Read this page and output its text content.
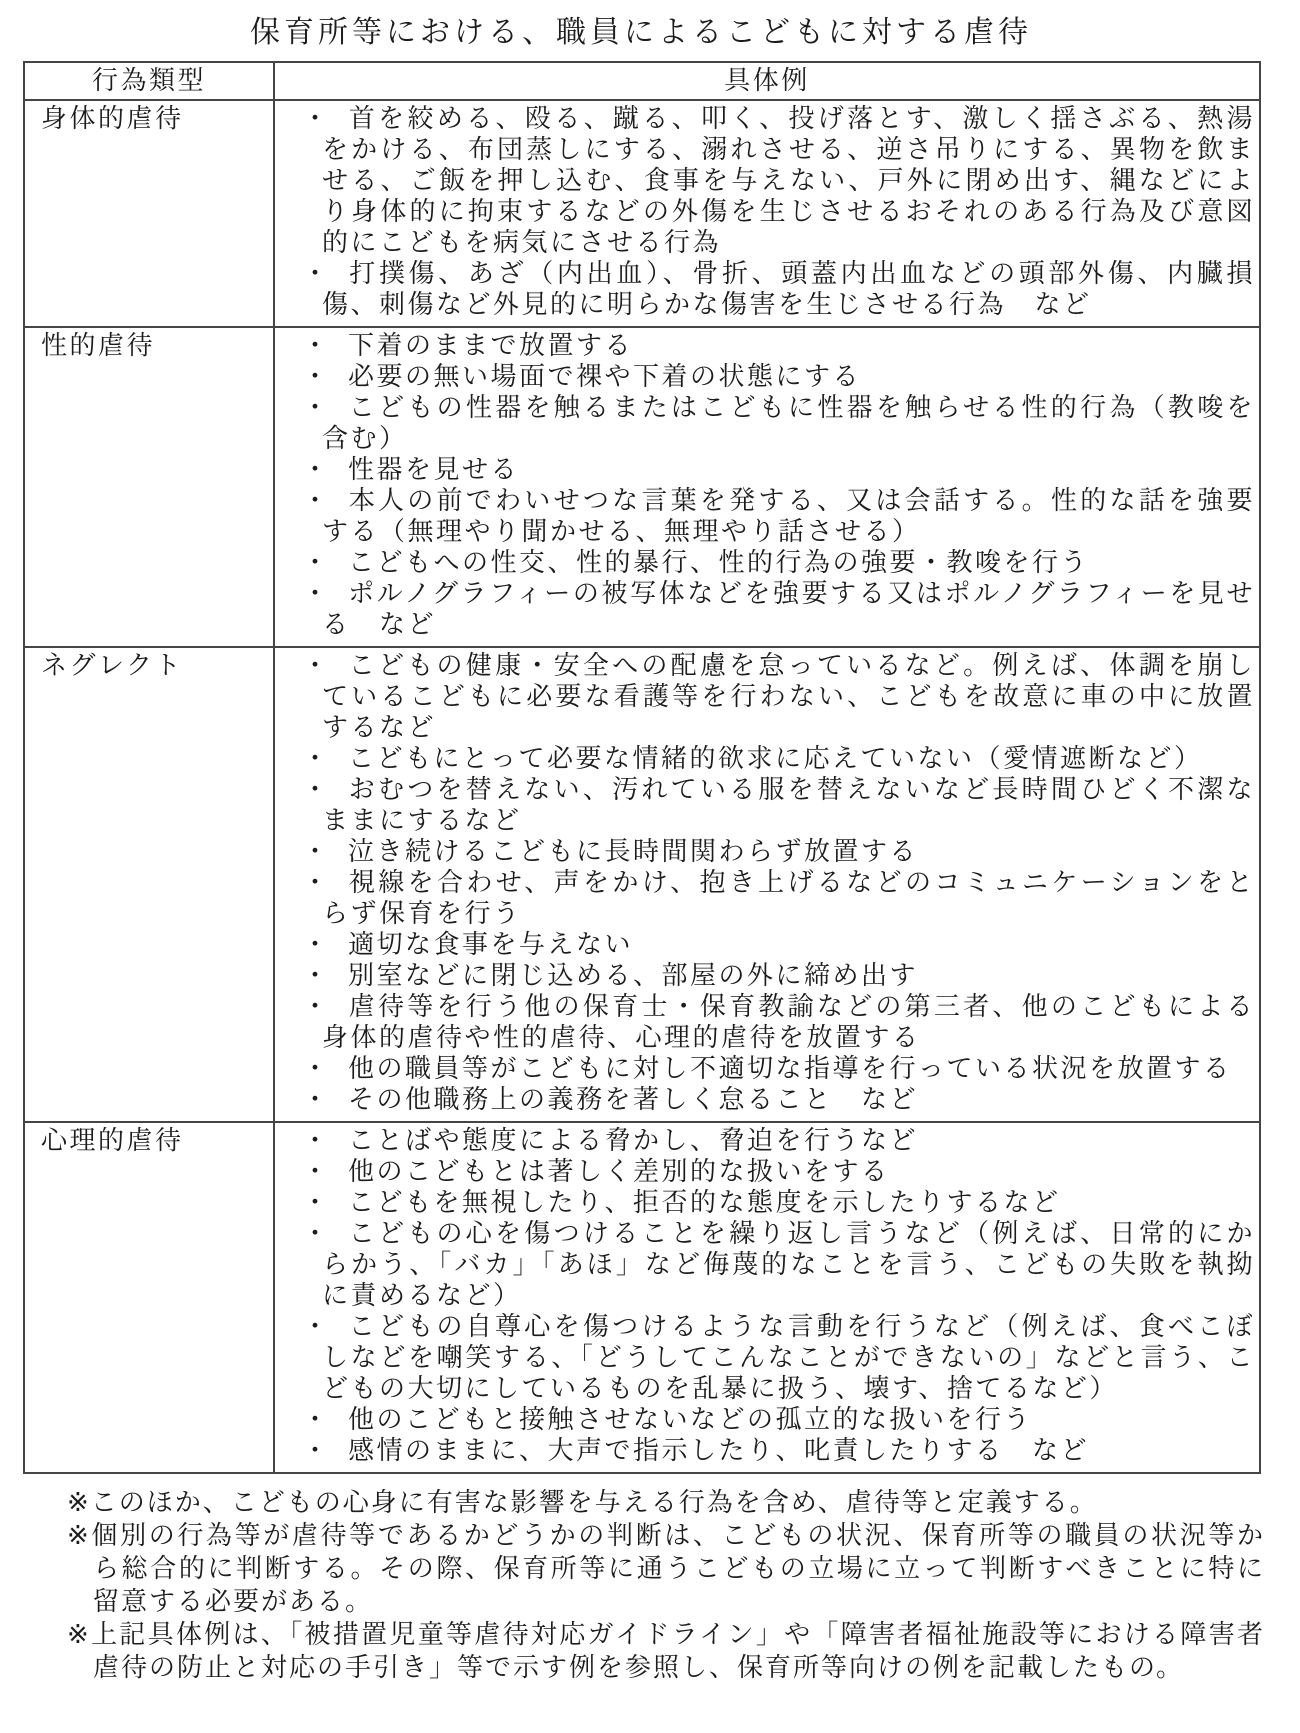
保育所等における、職員によるこどもに対する虐待
行為類型	具体例
身体的虐待	・ 首を絞める、殴る、蹴る、叩く、投げ落とす、激しく揺さぶる、熱湯をかける、布団蒸しにする、溺れさせる、逆さ吊りにする、異物を飲ませる、ご飯を押し込む、食事を与えない、戸外に閉め出す、縄などにより身体的に拘束するなどの外傷を生じさせるおそれのある行為及び意図的にこどもを病気にさせる行為
・ 打撲傷、あざ（内出血）、骨折、頭蓋内出血などの頭部外傷、内臓損傷、刺傷など外見的に明らかな傷害を生じさせる行為　など

性的虐待	・ 下着のままで放置する
・ 必要の無い場面で裸や下着の状態にする
・ こどもの性器を触るまたはこどもに性器を触らせる性的行為（教唆を含む）
・ 性器を見せる
・ 本人の前でわいせつな言葉を発する、又は会話する。性的な話を強要する（無理やり聞かせる、無理やり話させる）
・ こどもへの性交、性的暴行、性的行為の強要・教唆を行う
・ ポルノグラフィーの被写体などを強要する又はポルノグラフィーを見せる　など

ネグレクト	・ こどもの健康・安全への配慮を怠っているなど。例えば、体調を崩しているこどもに必要な看護等を行わない、こどもを故意に車の中に放置するなど
・ こどもにとって必要な情緒的欲求に応えていない（愛情遮断など）
・ おむつを替えない、汚れている服を替えないなど長時間ひどく不潔なままにするなど
・ 泣き続けるこどもに長時間関わらず放置する
・ 視線を合わせ、声をかけ、抱き上げるなどのコミュニケーションをとらず保育を行う
・ 適切な食事を与えない
・ 別室などに閉じ込める、部屋の外に締め出す
・ 虐待等を行う他の保育士・保育教諭などの第三者、他のこどもによる身体的虐待や性的虐待、心理的虐待を放置する
・ 他の職員等がこどもに対し不適切な指導を行っている状況を放置する
・ その他職務上の義務を著しく怠ること　など

心理的虐待	・ ことばや態度による脅かし、脅迫を行うなど
・ 他のこどもとは著しく差別的な扱いをする
・ こどもを無視したり、拒否的な態度を示したりするなど
・ こどもの心を傷つけることを繰り返し言うなど（例えば、日常的にからかう、「バカ」「あほ」など侮蔑的なことを言う、こどもの失敗を執拗に責めるなど）
・ こどもの自尊心を傷つけるような言動を行うなど（例えば、食べこぼしなどを嘲笑する、「どうしてこんなことができないの」などと言う、こどもの大切にしているものを乱暴に扱う、壊す、捨てるなど）
・ 他のこどもと接触させないなどの孤立的な扱いを行う
・ 感情のままに、大声で指示したり、叱責したりする　など
※このほか、こどもの心身に有害な影響を与える行為を含め、虐待等と定義する。
※個別の行為等が虐待等であるかどうかの判断は、こどもの状況、保育所等の職員の状況等から総合的に判断する。その際、保育所等に通うこどもの立場に立って判断すべきことに特に留意する必要がある。
※上記具体例は、「被措置児童等虐待対応ガイドライン」や「障害者福祉施設等における障害者虐待の防止と対応の手引き」等で示す例を参照し、保育所等向けの例を記載したもの。
